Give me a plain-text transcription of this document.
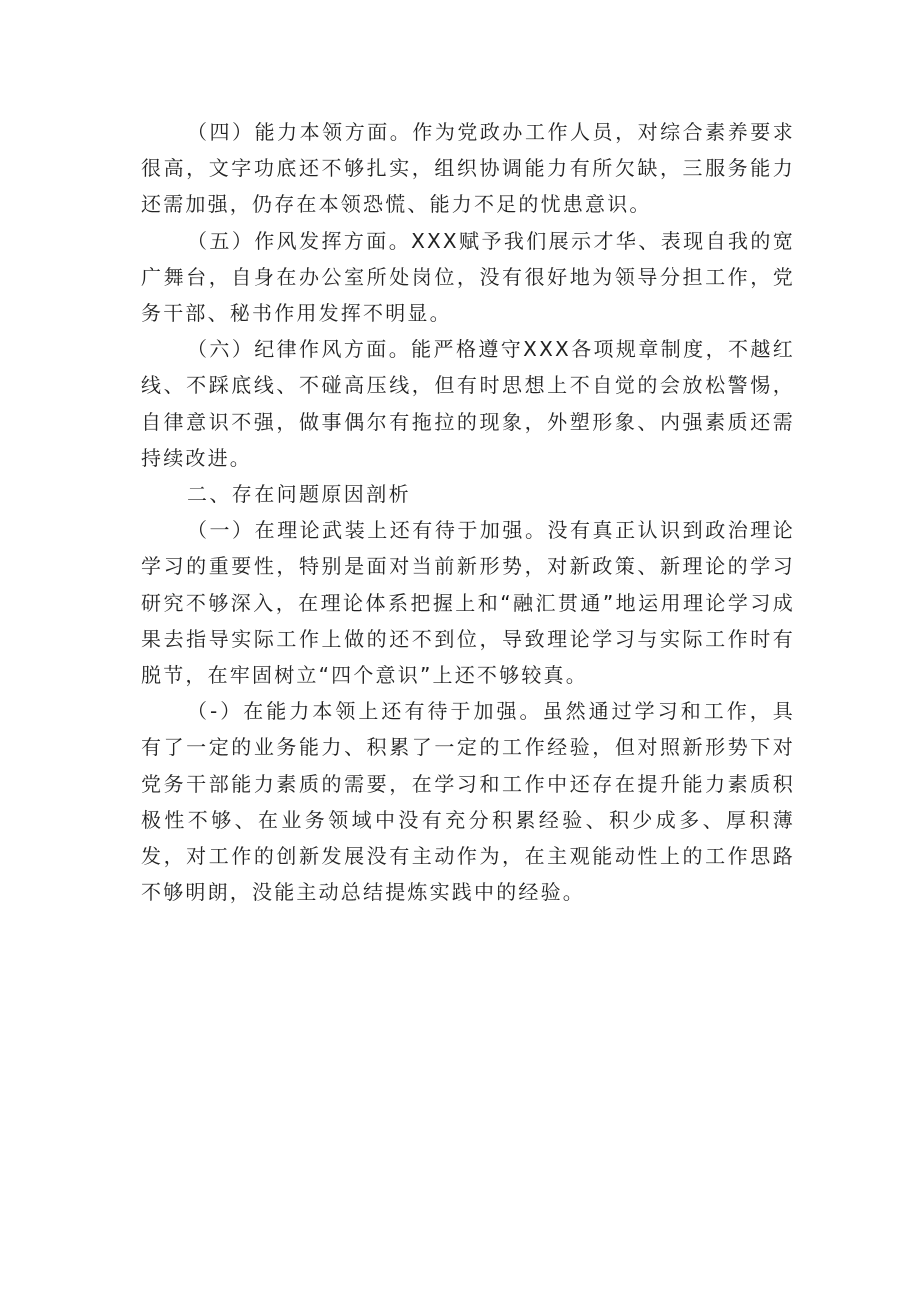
（四）能力本领方面。作为党政办工作人员，对综合素养要求很高，文字功底还不够扎实，组织协调能力有所欠缺，三服务能力还需加强，仍存在本领恐慌、能力不足的忧患意识。

（五）作风发挥方面。XXX赋予我们展示才华、表现自我的宽广舞台，自身在办公室所处岗位，没有很好地为领导分担工作，党务干部、秘书作用发挥不明显。

（六）纪律作风方面。能严格遵守XXX各项规章制度，不越红线、不踩底线、不碰高压线，但有时思想上不自觉的会放松警惕，自律意识不强，做事偶尔有拖拉的现象，外塑形象、内强素质还需持续改进。

二、存在问题原因剖析

（一）在理论武装上还有待于加强。没有真正认识到政治理论学习的重要性，特别是面对当前新形势，对新政策、新理论的学习研究不够深入，在理论体系把握上和“融汇贯通”地运用理论学习成果去指导实际工作上做的还不到位，导致理论学习与实际工作时有脱节，在牢固树立“四个意识”上还不够较真。

（-）在能力本领上还有待于加强。虽然通过学习和工作，具有了一定的业务能力、积累了一定的工作经验，但对照新形势下对党务干部能力素质的需要，在学习和工作中还存在提升能力素质积极性不够、在业务领域中没有充分积累经验、积少成多、厚积薄发，对工作的创新发展没有主动作为，在主观能动性上的工作思路不够明朗，没能主动总结提炼实践中的经验。
